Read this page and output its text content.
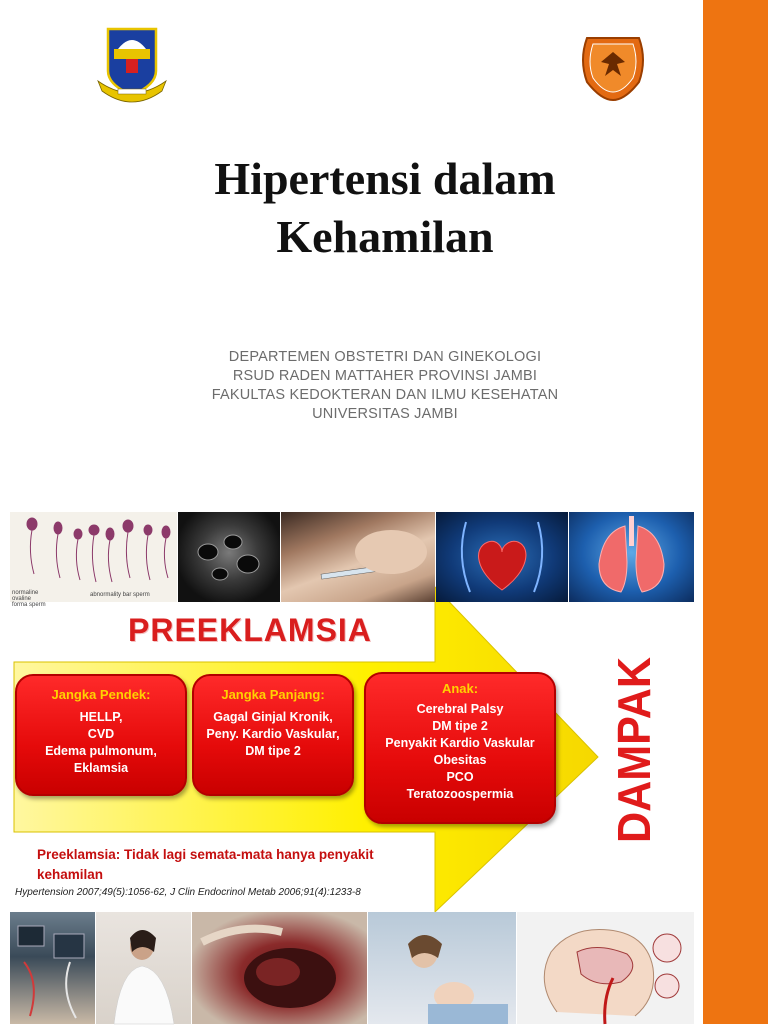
Hipertensi dalam
Kehamilan
DEPARTEMEN OBSTETRI DAN GINEKOLOGI
RSUD RADEN MATTAHER PROVINSI JAMBI
FAKULTAS KEDOKTERAN DAN ILMU KESEHATAN
UNIVERSITAS JAMBI
normaline ovaline forma sperm
abnormality bar sperm
PREEKLAMSIA
Jangka Pendek:
HELLP,
CVD
Edema pulmonum,
Eklamsia
Jangka Panjang:
Gagal Ginjal Kronik,
Peny. Kardio Vaskular,
DM tipe 2
Anak:
Cerebral Palsy
DM tipe 2
Penyakit Kardio Vaskular
Obesitas
PCO
Teratozoospermia	DAMPAK
Preeklamsia: Tidak lagi semata-mata hanya penyakit
kehamilan
Hypertension 2007;49(5):1056-62, J Clin Endocrinol Metab 2006;91(4):1233-8
